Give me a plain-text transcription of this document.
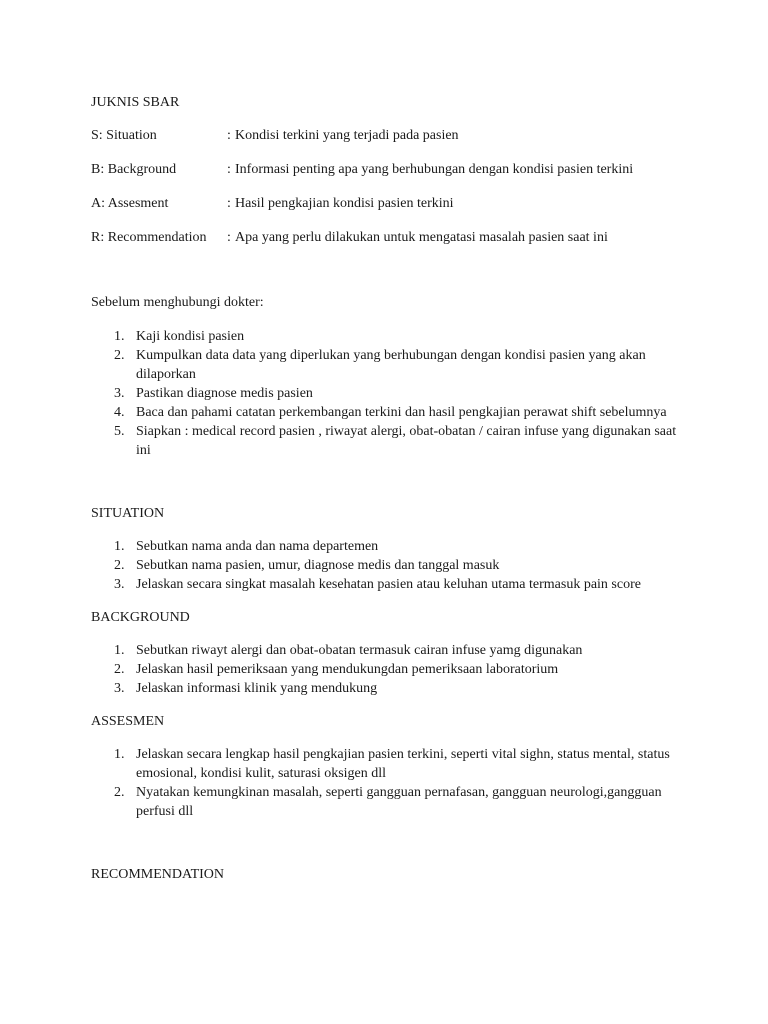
JUKNIS SBAR
S: Situation	: Kondisi terkini yang terjadi pada pasien
B: Background	: Informasi penting apa yang berhubungan dengan kondisi pasien terkini
A: Assesment	: Hasil pengkajian kondisi pasien terkini
R: Recommendation	: Apa yang perlu dilakukan untuk mengatasi masalah pasien saat ini
Sebelum menghubungi dokter:
1. Kaji kondisi pasien
2. Kumpulkan data data yang diperlukan yang berhubungan dengan kondisi pasien yang akan dilaporkan
3. Pastikan diagnose medis pasien
4. Baca dan pahami catatan perkembangan terkini dan hasil pengkajian perawat shift sebelumnya
5. Siapkan : medical record pasien , riwayat alergi, obat-obatan / cairan infuse yang digunakan saat ini
SITUATION
1. Sebutkan nama anda dan nama departemen
2. Sebutkan nama pasien, umur, diagnose medis dan tanggal masuk
3. Jelaskan secara singkat masalah kesehatan pasien atau keluhan utama termasuk pain score
BACKGROUND
1. Sebutkan riwayt alergi dan obat-obatan termasuk cairan infuse yamg digunakan
2. Jelaskan hasil pemeriksaan yang mendukungdan pemeriksaan laboratorium
3. Jelaskan informasi klinik yang mendukung
ASSESMEN
1. Jelaskan secara lengkap hasil pengkajian pasien terkini, seperti vital sighn, status mental, status emosional, kondisi kulit, saturasi oksigen dll
2. Nyatakan kemungkinan masalah, seperti gangguan pernafasan, gangguan neurologi,gangguan perfusi dll
RECOMMENDATION
